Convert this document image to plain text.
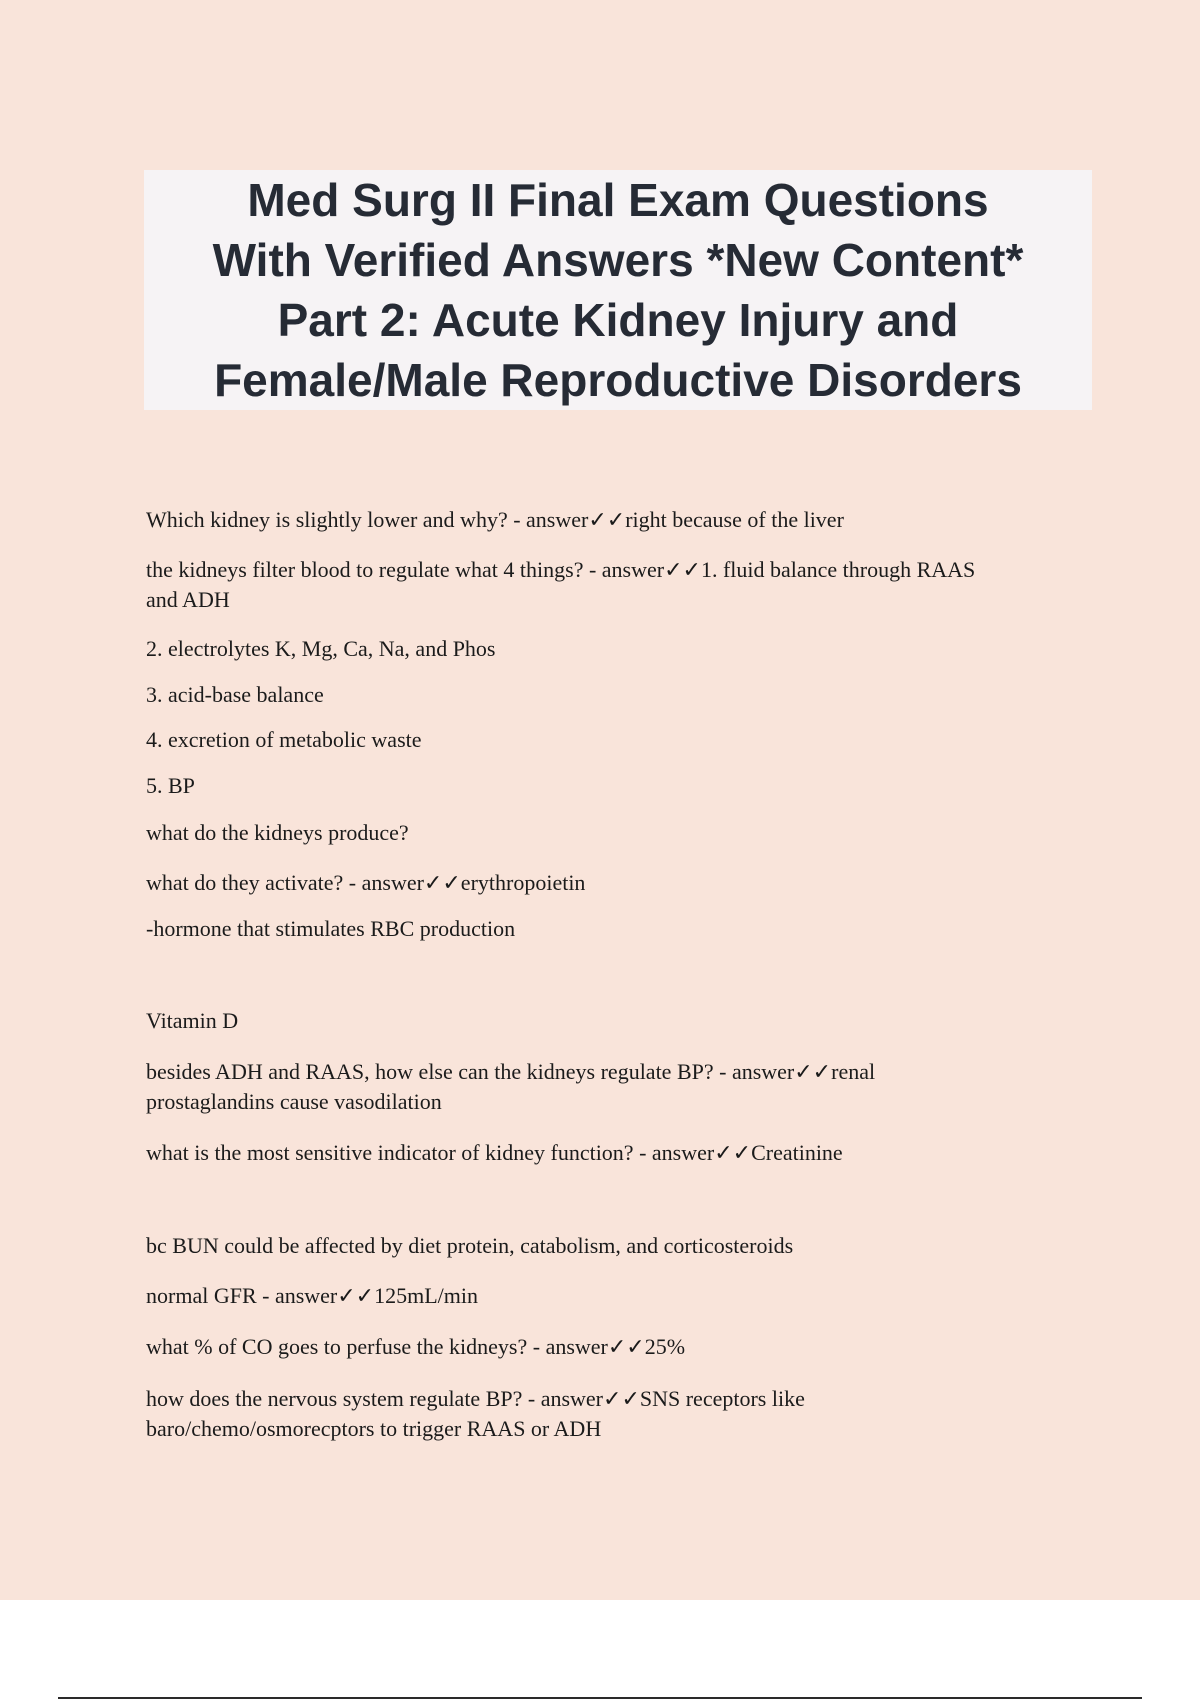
Med Surg II Final Exam Questions
With Verified Answers *New Content*
Part 2: Acute Kidney Injury and
Female/Male Reproductive Disorders
Which kidney is slightly lower and why? - answer✓✓right because of the liver
the kidneys filter blood to regulate what 4 things? - answer✓✓1. fluid balance through RAAS
and ADH
2. electrolytes K, Mg, Ca, Na, and Phos
3. acid-base balance
4. excretion of metabolic waste
5. BP
what do the kidneys produce?
what do they activate? - answer✓✓erythropoietin
-hormone that stimulates RBC production
Vitamin D
besides ADH and RAAS, how else can the kidneys regulate BP? - answer✓✓renal
prostaglandins cause vasodilation
what is the most sensitive indicator of kidney function? - answer✓✓Creatinine
bc BUN could be affected by diet protein, catabolism, and corticosteroids
normal GFR - answer✓✓125mL/min
what % of CO goes to perfuse the kidneys? - answer✓✓25%
how does the nervous system regulate BP? - answer✓✓SNS receptors like
baro/chemo/osmorecptors to trigger RAAS or ADH
